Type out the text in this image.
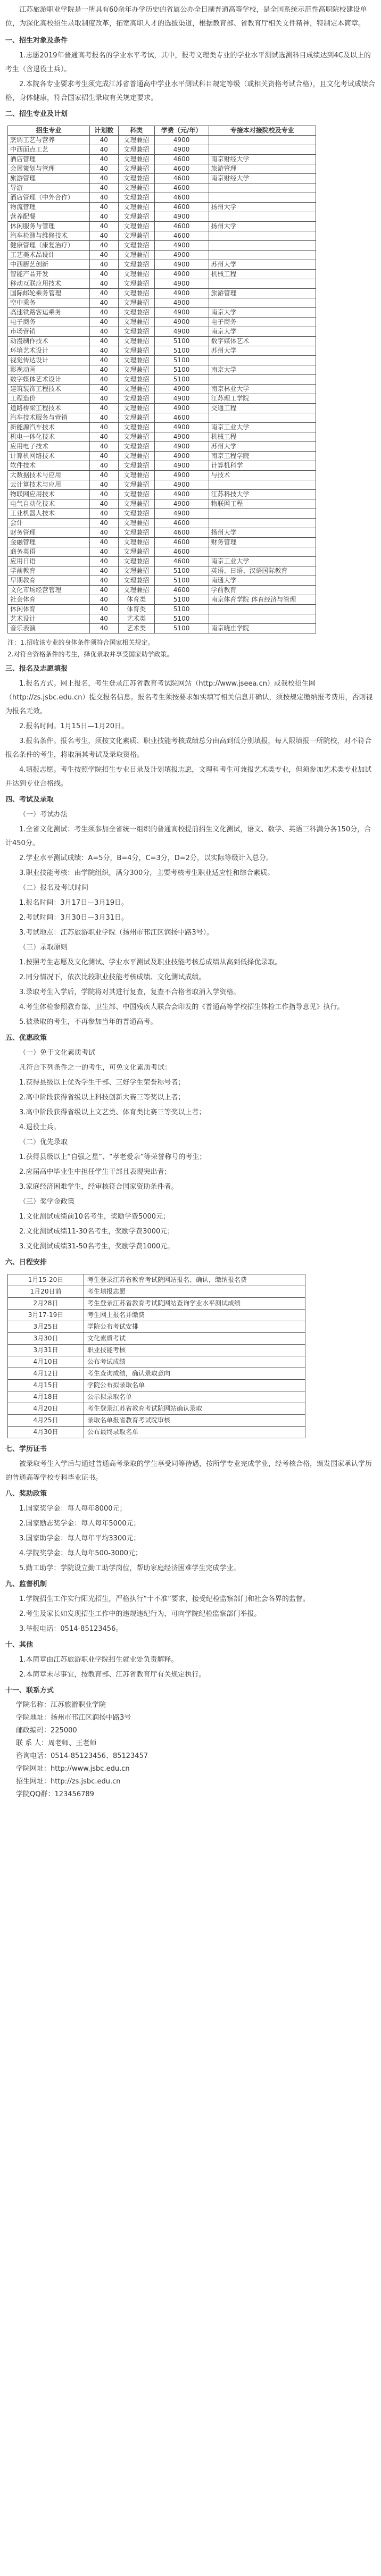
江苏旅游职业学院是一所具有60余年办学历史的省属公办全日制普通高等学校，是全国系统示范性高职院校建设单位，为深化高校招生录取制度改革，拓宽高职人才的选拔渠道，根据教育部、省教育厅相关文件精神，特制定本简章。

一、招生对象及条件

1.志愿2019年普通高考报名的学业水平考试，其中，报考文理类专业的学业水平测试选测科目成绩达到4C及以上的考生（含退役士兵）。

2.本院各专业要求考生须完成江苏省普通高中学业水平测试科目规定等级（或相关资格考试合格），且文化考试成绩合格，身体健康，符合国家招生录取有关规定要求。

二、招生专业及计划
招生专业	计划数	科类	学费（元/年）	专接本对接院校及专业
烹调工艺与营养	40	文理兼招	4900	
中西面点工艺	40	文理兼招	4900	
酒店管理	40	文理兼招	4600	南京财经大学
会展策划与管理	40	文理兼招	4600	旅游管理
旅游管理	40	文理兼招	4600	南京财经大学
导游	40	文理兼招	4600	
酒店管理（中外合作）	40	文理兼招	4600	
物流管理	40	文理兼招	4600	扬州大学
营养配餐	40	文理兼招	4900	
休闲服务与管理	40	文理兼招	4600	扬州大学
汽车检测与维修技术	40	文理兼招	4600	
健康管理（康复治疗）	40	文理兼招	4900	
工艺美术品设计	40	文理兼招	4900	
中西厨艺创新	40	文理兼招	4900	苏州大学
智能产品开发	40	文理兼招	4900	机械工程
移动互联应用技术	40	文理兼招	4900	
国际邮轮乘务管理	40	文理兼招	4900	旅游管理
空中乘务	40	文理兼招	4900	
高速铁路客运乘务	40	文理兼招	4900	南京大学
电子商务	40	文理兼招	4900	电子商务
市场营销	40	文理兼招	4900	南京大学
动漫制作技术	40	文理兼招	5100	数字媒体艺术
环境艺术设计	40	文理兼招	5100	苏州大学
视觉传达设计	40	文理兼招	5100	
影视动画	40	文理兼招	5100	南京大学
数字媒体艺术设计	40	文理兼招	5100	
建筑装饰工程技术	40	文理兼招	4900	南京林业大学
工程造价	40	文理兼招	4900	江苏理工学院
道路桥梁工程技术	40	文理兼招	4900	交通工程
汽车技术服务与营销	40	文理兼招	4600	
新能源汽车技术	40	文理兼招	4900	南京工业大学
机电一体化技术	40	文理兼招	4900	机械工程
应用电子技术	40	文理兼招	4900	苏州大学
计算机网络技术	40	文理兼招	4900	南京工程学院
软件技术	40	文理兼招	4900	计算机科学
大数据技术与应用	40	文理兼招	4900	与技术
云计算技术与应用	40	文理兼招	4900	
物联网应用技术	40	文理兼招	4900	江苏科技大学
电气自动化技术	40	文理兼招	4900	物联网工程
工业机器人技术	40	文理兼招	4900	
会计	40	文理兼招	4600	
财务管理	40	文理兼招	4600	扬州大学
金融管理	40	文理兼招	4600	财务管理
商务英语	40	文理兼招	4600	
应用日语	40	文理兼招	4600	南京工业大学
学前教育	40	文理兼招	5100	英语、日语、汉语国际教育
早期教育	40	文理兼招	5100	南通大学
文化市场经营管理	40	文理兼招	4600	学前教育
社会体育	40	体育类	5100	南京体育学院 体育经济与管理
休闲体育	40	体育类	5100	
艺术设计	40	艺术类	5100	
音乐表演	40	艺术类	5100	南京晓庄学院
注：1.招收该专业的身体条件须符合国家相关规定。
2.对符合资格条件的考生，择优录取并享受国家助学政策。
三、报名及志愿填报

1.报名方式。网上报名，考生登录江苏省教育考试院网站（http://www.jseea.cn）或我校招生网（http://zs.jsbc.edu.cn）提交报名信息。报名考生须按要求如实填写相关信息并确认，须按规定缴纳报考费用，否则视为报名无效。

2.报名时间。1月15日—1月20日。

3.报名条件。报名考生，须按文化素质、职业技能考核成绩总分由高到低分别填报，每人限填报一所院校，对不符合报名条件的考生，将取消其考试及录取资格。

4.填报志愿。考生按照学院招生专业目录及计划填报志愿，文理科考生可兼报艺术类专业，但须参加艺术类专业加试并达到专业合格线。

四、考试及录取

（一）考试办法

1.全省文化测试：考生须参加全省统一组织的普通高校提前招生文化测试，语文、数学、英语三科满分各150分，合计450分。

2.学业水平测试成绩：A=5分，B=4分，C=3分，D=2分，以实际等级计入总分。

3.职业技能考核：由学院组织，满分300分，主要考核考生职业适应性和综合素质。

（二）报名及考试时间

1.报名时间：3月17日—3月19日。

2.考试时间：3月30日—3月31日。

3.考试地点：江苏旅游职业学院（扬州市邗江区润扬中路3号）。

（三）录取原则

1.按照考生志愿及文化测试、学业水平测试及职业技能考核总成绩从高到低择优录取。

2.同分情况下，依次比较职业技能考核成绩、文化测试成绩。

3.录取考生入学后，学院将对其进行复查，复查不合格者取消入学资格。

4.考生体检参照教育部、卫生部、中国残疾人联合会印发的《普通高等学校招生体检工作指导意见》执行。

5.被录取的考生，不再参加当年的普通高考。

五、优惠政策

（一）免于文化素质考试

凡符合下列条件之一的考生，可免文化素质考试：

1.获得县级以上优秀学生干部、三好学生荣誉称号者；

2.高中阶段获得省级以上科技创新大赛三等奖以上者；

3.高中阶段获得省级以上文艺类、体育类比赛三等奖以上者；

4.退役士兵。

（二）优先录取

1.获得县级以上“自强之星”、“孝老爱亲”等荣誉称号的考生；

2.应届高中毕业生中担任学生干部且表现突出者；

3.家庭经济困难学生，经审核符合国家资助条件者。

（三）奖学金政策

1.文化测试成绩前10名考生，奖励学费5000元；

2.文化测试成绩11-30名考生，奖励学费3000元；

3.文化测试成绩31-50名考生，奖励学费1000元。

六、日程安排
1月15-20日	考生登录江苏省教育考试院网站报名、确认，缴纳报名费
1月20日前	考生填报志愿
2月28日	考生登录江苏省教育考试院网站查询学业水平测试成绩
3月17-19日	考生网上报名并缴费
3月25日	学院公布考试安排
3月30日	文化素质考试
3月31日	职业技能考核
4月10日	公布考试成绩
4月12日	考生查询成绩，确认录取意向
4月15日	学院公布拟录取名单
4月18日	公示拟录取名单
4月20日	考生登录江苏省教育考试院网站确认录取
4月25日	录取名单报省教育考试院审核
4月30日	公布最终录取名单
七、学历证书

被录取考生入学后与通过普通高考录取的学生享受同等待遇，按所学专业完成学业，经考核合格，颁发国家承认学历的普通高等学校专科毕业证书。

八、奖助政策

1.国家奖学金：每人每年8000元；

2.国家励志奖学金：每人每年5000元；

3.国家助学金：每人每年平均3300元；

4.学院奖学金：每人每年500-3000元；

5.勤工助学：学院设立勤工助学岗位，帮助家庭经济困难学生完成学业。

九、监督机制

1.学院招生工作实行阳光招生，严格执行“十不准”要求，接受纪检监察部门和社会各界的监督。

2.考生及家长如发现招生工作中的违规违纪行为，可向学院纪检监察部门举报。

3.举报电话：0514-85123456。

十、其他

1.本简章由江苏旅游职业学院招生就业处负责解释。

2.本简章未尽事宜，按教育部、江苏省教育厅有关规定执行。

十一、联系方式
学院名称：江苏旅游职业学院
学院地址：扬州市邗江区润扬中路3号
邮政编码：225000
联 系 人：周老师、王老师
咨询电话：0514-85123456、85123457
学院网址：http://www.jsbc.edu.cn
招生网址：http://zs.jsbc.edu.cn
学院QQ群：123456789
